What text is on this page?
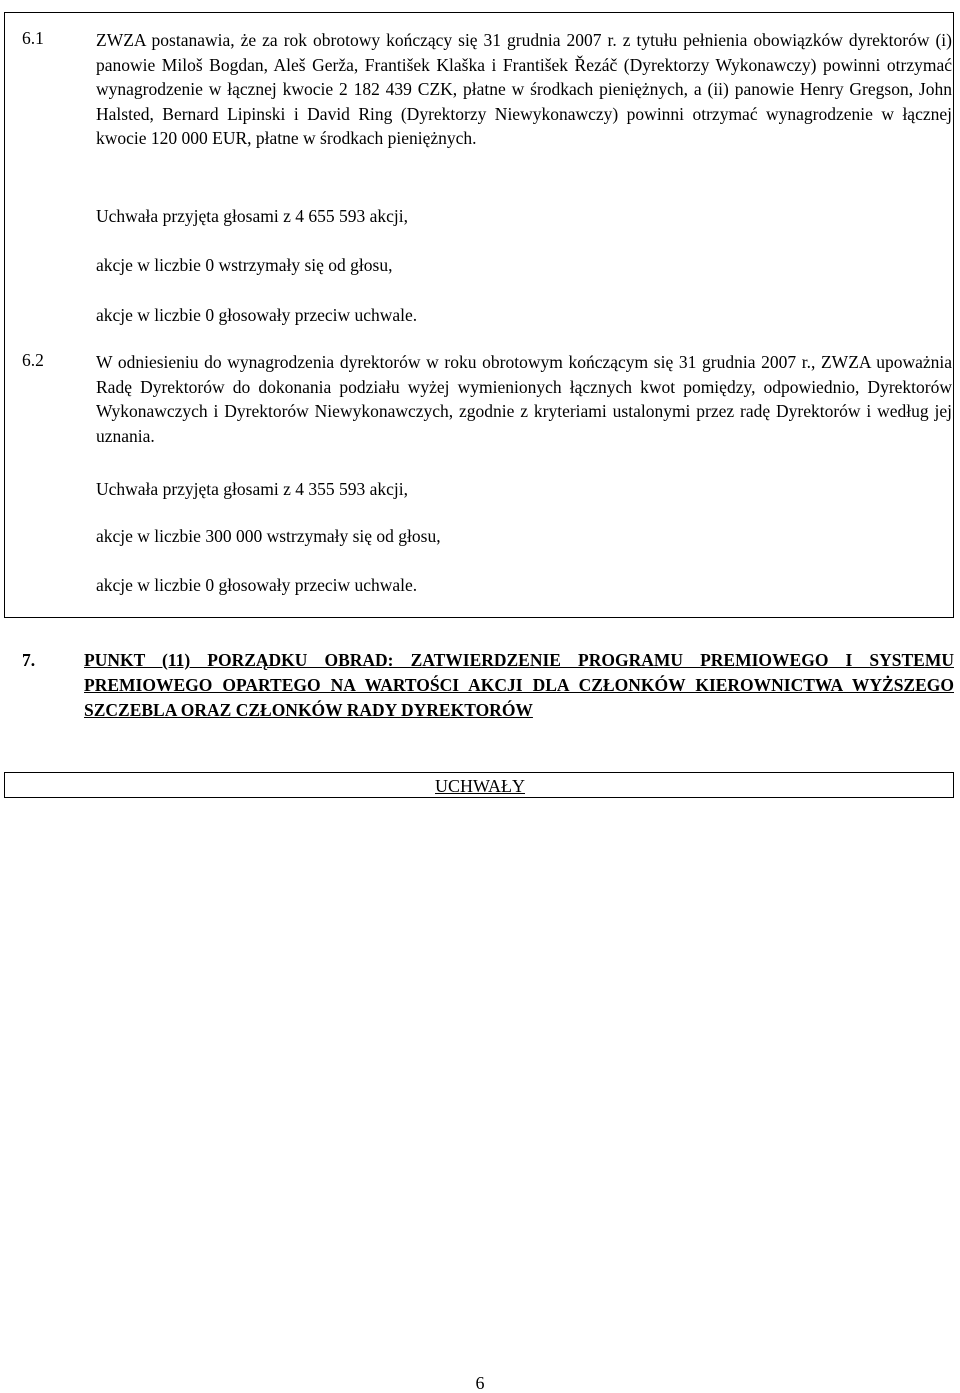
6.1	ZWZA postanawia, że za rok obrotowy kończący się 31 grudnia 2007 r. z tytułu pełnienia obowiązków dyrektorów (i) panowie Miloš Bogdan, Aleš Gerža, František Klaška i František Řezáč (Dyrektorzy Wykonawczy) powinni otrzymać wynagrodzenie w łącznej kwocie 2 182 439 CZK, płatne w środkach pieniężnych, a (ii) panowie Henry Gregson, John Halsted, Bernard Lipinski i David Ring (Dyrektorzy Niewykonawczy) powinni otrzymać wynagrodzenie w łącznej kwocie 120 000 EUR, płatne w środkach pieniężnych.
Uchwała przyjęta głosami z 4 655 593 akcji,
akcje w liczbie 0 wstrzymały się od głosu,
akcje w liczbie 0 głosowały przeciw uchwale.
6.2	W odniesieniu do wynagrodzenia dyrektorów w roku obrotowym kończącym się 31 grudnia 2007 r., ZWZA upoważnia Radę Dyrektorów do dokonania podziału wyżej wymienionych łącznych kwot pomiędzy, odpowiednio, Dyrektorów Wykonawczych i Dyrektorów Niewykonawczych, zgodnie z kryteriami ustalonymi przez radę Dyrektorów i według jej uznania.
Uchwała przyjęta głosami z 4 355 593 akcji,
akcje w liczbie 300 000 wstrzymały się od głosu,
akcje w liczbie 0 głosowały przeciw uchwale.
7.	PUNKT (11) PORZĄDKU OBRAD: ZATWIERDZENIE PROGRAMU PREMIOWEGO I SYSTEMU PREMIOWEGO OPARTEGO NA WARTOŚCI AKCJI DLA CZŁONKÓW KIEROWNICTWA WYŻSZEGO SZCZEBLA ORAZ CZŁONKÓW RADY DYREKTORÓW
UCHWAŁY
6
